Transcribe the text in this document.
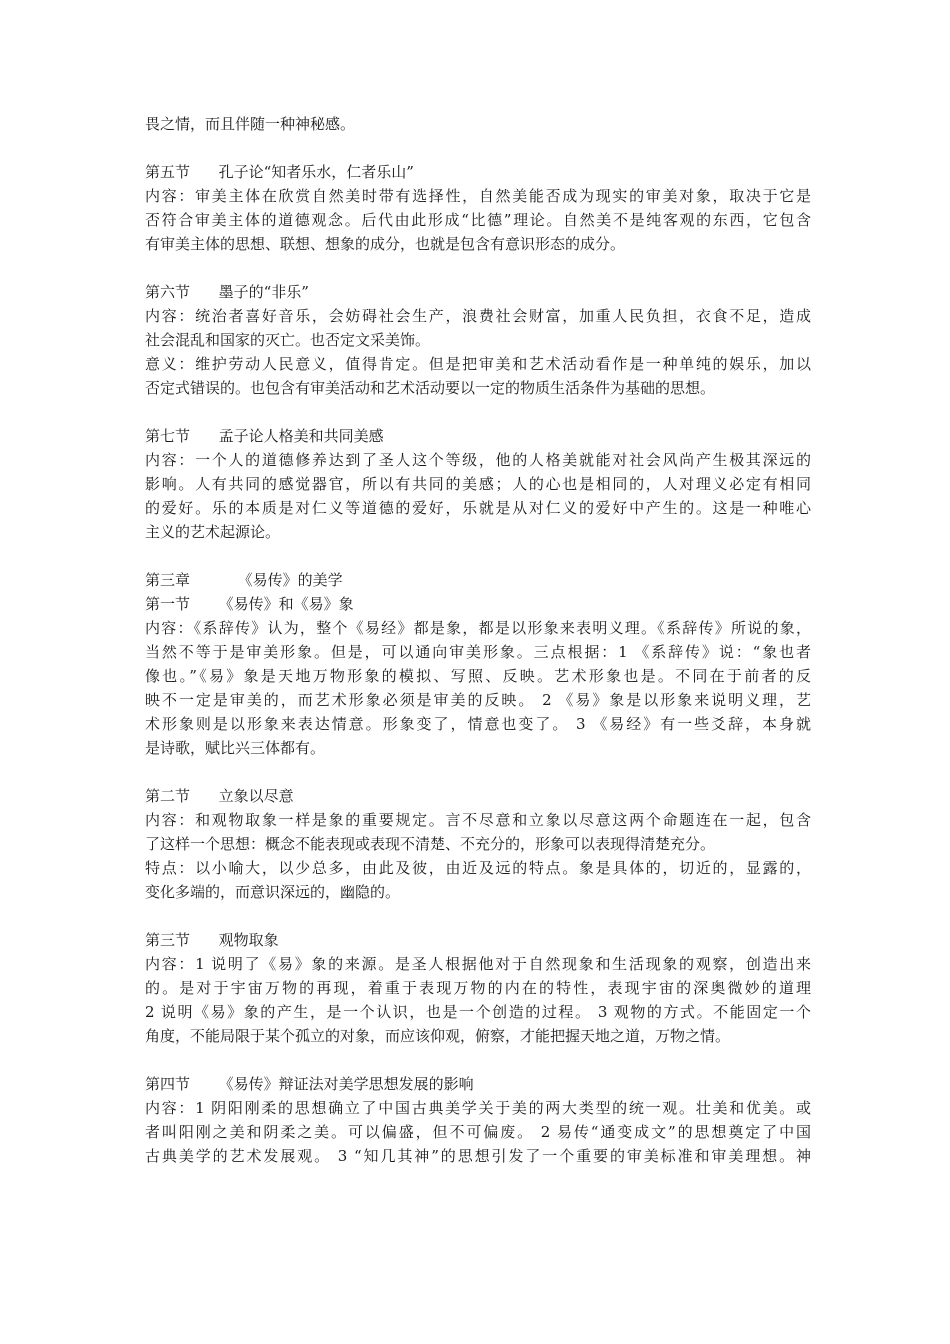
畏之情，而且伴随一种神秘感。
第五节      孔子论“知者乐水，仁者乐山”
内容：审美主体在欣赏自然美时带有选择性，自然美能否成为现实的审美对象，取决于它是
否符合审美主体的道德观念。后代由此形成“比德”理论。自然美不是纯客观的东西，它包含
有审美主体的思想、联想、想象的成分，也就是包含有意识形态的成分。
第六节      墨子的“非乐”
内容：统治者喜好音乐，会妨碍社会生产，浪费社会财富，加重人民负担，衣食不足，造成
社会混乱和国家的灭亡。也否定文采美饰。
意义：维护劳动人民意义，值得肯定。但是把审美和艺术活动看作是一种单纯的娱乐，加以
否定式错误的。也包含有审美活动和艺术活动要以一定的物质生活条件为基础的思想。
第七节      孟子论人格美和共同美感
内容：一个人的道德修养达到了圣人这个等级，他的人格美就能对社会风尚产生极其深远的
影响。人有共同的感觉器官，所以有共同的美感；人的心也是相同的，人对理义必定有相同
的爱好。乐的本质是对仁义等道德的爱好，乐就是从对仁义的爱好中产生的。这是一种唯心
主义的艺术起源论。
第三章          《易传》的美学
第一节      《易传》和《易》象
内容：《系辞传》认为，整个《易经》都是象，都是以形象来表明义理。《系辞传》所说的象，
当然不等于是审美形象。但是，可以通向审美形象。三点根据：1 《系辞传》说：“象也者
像也。”《易》象是天地万物形象的模拟、写照、反映。艺术形象也是。不同在于前者的反
映不一定是审美的，而艺术形象必须是审美的反映。 2 《易》象是以形象来说明义理，艺
术形象则是以形象来表达情意。形象变了，情意也变了。 3 《易经》有一些爻辞，本身就
是诗歌，赋比兴三体都有。
第二节      立象以尽意
内容：和观物取象一样是象的重要规定。言不尽意和立象以尽意这两个命题连在一起，包含
了这样一个思想：概念不能表现或表现不清楚、不充分的，形象可以表现得清楚充分。
特点：以小喻大，以少总多，由此及彼，由近及远的特点。象是具体的，切近的，显露的，
变化多端的，而意识深远的，幽隐的。
第三节      观物取象
内容：1 说明了《易》象的来源。是圣人根据他对于自然现象和生活现象的观察，创造出来
的。是对于宇宙万物的再现，着重于表现万物的内在的特性，表现宇宙的深奥微妙的道理
2 说明《易》象的产生，是一个认识，也是一个创造的过程。 3 观物的方式。不能固定一个
角度，不能局限于某个孤立的对象，而应该仰观，俯察，才能把握天地之道，万物之情。
第四节      《易传》辩证法对美学思想发展的影响
内容：1 阴阳刚柔的思想确立了中国古典美学关于美的两大类型的统一观。壮美和优美。或
者叫阳刚之美和阴柔之美。可以偏盛，但不可偏废。 2 易传“通变成文”的思想奠定了中国
古典美学的艺术发展观。 3 “知几其神”的思想引发了一个重要的审美标准和审美理想。神
